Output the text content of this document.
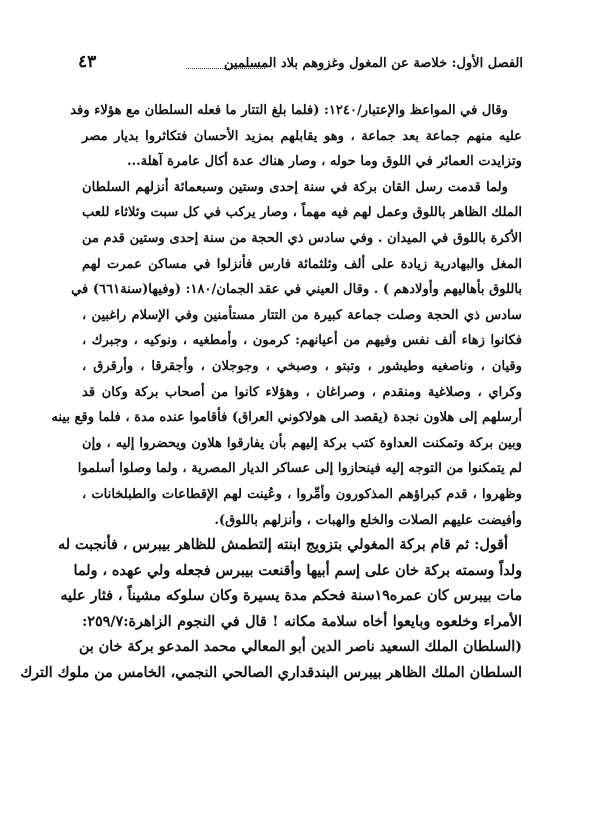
الفصل الأول: خلاصة عن المغول وغزوهم بلاد المسلمين
٤٣
وقال في المواعظ والإعتبار/١٢٤٠: (فلما بلغ التتار ما فعله السلطان مع هؤلاء وفد
عليه منهم جماعة بعد جماعة ، وهو يقابلهم بمزيد الأحسان فتكاثروا بديار مصر
وتزايدت العمائر في اللوق وما حوله ، وصار هناك عدة أكال عامرة آهلة...
ولما قدمت رسل القان بركة في سنة إحدى وستين وسبعمائة أنزلهم السلطان
الملك الظاهر باللوق وعمل لهم فيه مهماً ، وصار يركب في كل سبت وثلاثاء للعب
الأكرة باللوق في الميدان . وفي سادس ذي الحجة من سنة إحدى وستين قدم من
المغل والبهادرية زيادة على ألف وثلثمائة فارس فأنزلوا في مساكن عمرت لهم
باللوق بأهاليهم وأولادهم ) . وقال العيني في عقد الجمان/١٨٠: (وفيها(سنة٦٦١) في
سادس ذي الحجة وصلت جماعة كبيرة من التتار مستأمنين وفي الإسلام راغبين ،
فكانوا زهاء ألف نفس وفيهم من أعيانهم: كرمون ، وأمطغيه ، ونوكيه ، وجبرك ،
وقيان ، وناصغيه وطيشور ، وتبتو ، وصبخي ، وجوجلان ، وأجقرقا ، وأرقرق ،
وكراي ، وصلاغية ومنقدم ، وصراغان ، وهؤلاء كانوا من أصحاب بركة وكان قد
أرسلهم إلى هلاون نجدة (يقصد الى هولاكوني العراق) فأقاموا عنده مدة ، فلما وقع بينه
وبين بركة وتمكنت العداوة كتب بركة إليهم بأن يفارقوا هلاون ويحضروا إليه ، وإن
لم يتمكنوا من التوجه إليه فينحازوا إلى عساكر الديار المصرية ، ولما وصلوا أسلموا
وظهروا ، قدم كبراؤهم المذكورون وأمِّروا ، وعُينت لهم الإقطاعات والطبلخانات ،
وأفيضت عليهم الصلات والخلع والهبات ، وأنزلهم باللوق).
أقول: ثم قام بركة المغولي بتزويج ابنته إلتطمش للظاهر بيبرس ، فأنجبت له
ولداً وسمته بركة خان على إسم أبيها وأقنعت بيبرس فجعله ولي عهده ، ولما
مات بيبرس كان عمره١٩سنة فحكم مدة يسيرة وكان سلوكه مشيناً ، فثار عليه
الأمراء وخلعوه وبايعوا أخاه سلامة مكانه ! قال في النجوم الزاهرة:٢٥٩/٧:
(السلطان الملك السعيد ناصر الدين أبو المعالي محمد المدعو بركة خان بن
السلطان الملك الظاهر بيبرس البندقداري الصالحي النجمي، الخامس من ملوك الترك
